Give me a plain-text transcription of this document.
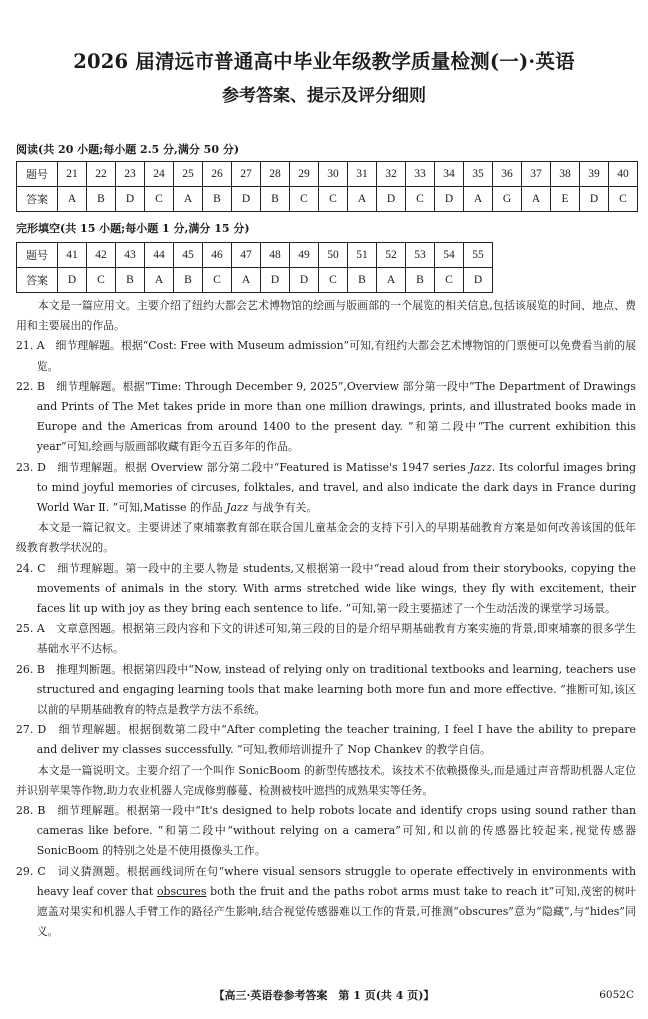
2026 届清远市普通高中毕业年级教学质量检测(一)·英语
参考答案、提示及评分细则
阅读(共 20 小题;每小题 2.5 分,满分 50 分)
题号	21	22	23	24	25	26	27	28	29	30	31	32	33	34	35	36	37	38	39	40
答案	A	B	D	C	A	B	D	B	C	C	A	D	C	D	A	G	A	E	D	C
完形填空(共 15 小题;每小题 1 分,满分 15 分)
题号	41	42	43	44	45	46	47	48	49	50	51	52	53	54	55
答案	D	C	B	A	B	C	A	D	D	C	B	A	B	C	D

本文是一篇应用文。主要介绍了纽约大都会艺术博物馆的绘画与版画部的一个展览的相关信息,包括该展览的时间、地点、费用和主要展出的作品。

21. A　细节理解题。根据“Cost: Free with Museum admission”可知,有纽约大都会艺术博物馆的门票便可以免费看当前的展览。

22. B　细节理解题。根据“Time: Through December 9, 2025”,Overview 部分第一段中“The Department of Drawings and Prints of The Met takes pride in more than one million drawings, prints, and illustrated books made in Europe and the Americas from around 1400 to the present day. ”和第二段中“The current exhibition this year”可知,绘画与版画部收藏有距今五百多年的作品。

23. D　细节理解题。根据 Overview 部分第二段中“Featured is Matisse's 1947 series Jazz. Its colorful images bring to mind joyful memories of circuses, folktales, and travel, and also indicate the dark days in France during World War Ⅱ. ”可知,Matisse 的作品 Jazz 与战争有关。

本文是一篇记叙文。主要讲述了柬埔寨教育部在联合国儿童基金会的支持下引入的早期基础教育方案是如何改善该国的低年级教育教学状况的。

24. C　细节理解题。第一段中的主要人物是 students,又根据第一段中“read aloud from their storybooks, copying the movements of animals in the story. With arms stretched wide like wings, they fly with excitement, their faces lit up with joy as they bring each sentence to life. ”可知,第一段主要描述了一个生动活泼的课堂学习场景。

25. A　文章意图题。根据第三段内容和下文的讲述可知,第三段的目的是介绍早期基础教育方案实施的背景,即柬埔寨的很多学生基础水平不达标。

26. B　推理判断题。根据第四段中“Now, instead of relying only on traditional textbooks and learning, teachers use structured and engaging learning tools that make learning both more fun and more effective. ”推断可知,该区以前的早期基础教育的特点是教学方法不系统。

27. D　细节理解题。根据倒数第二段中“After completing the teacher training, I feel I have the ability to prepare and deliver my classes successfully. ”可知,教师培训提升了 Nop Chankev 的教学自信。

本文是一篇说明文。主要介绍了一个叫作 SonicBoom 的新型传感技术。该技术不依赖摄像头,而是通过声音帮助机器人定位并识别苹果等作物,助力农业机器人完成修剪藤蔓、检测被枝叶遮挡的成熟果实等任务。

28. B　细节理解题。根据第一段中“It's designed to help robots locate and identify crops using sound rather than cameras like before. ”和第二段中“without relying on a camera”可知,和以前的传感器比较起来,视觉传感器 SonicBoom 的特别之处是不使用摄像头工作。

29. C　词义猜测题。根据画线词所在句“where visual sensors struggle to operate effectively in environments with heavy leaf cover that obscures both the fruit and the paths robot arms must take to reach it”可知,茂密的树叶遮盖对果实和机器人手臂工作的路径产生影响,结合视觉传感器难以工作的背景,可推测“obscures”意为“隐藏”,与“hides”同义。

【高三·英语卷参考答案　第 1 页(共 4 页)】	6052C
